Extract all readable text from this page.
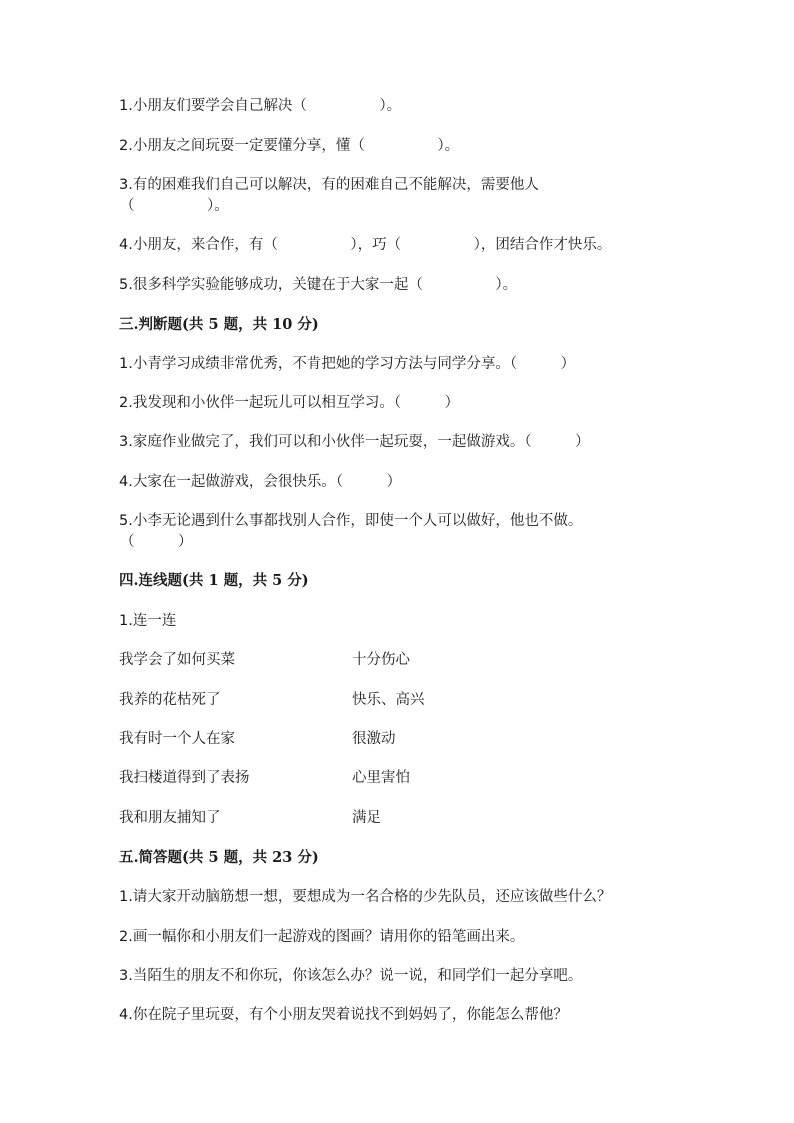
1.小朋友们要学会自己解决（　　　　　）。
2.小朋友之间玩耍一定要懂分享，懂（　　　　　）。
3.有的困难我们自己可以解决，有的困难自己不能解决，需要他人
（　　　　　）。
4.小朋友，来合作，有（　　　　　），巧（　　　　　），团结合作才快乐。
5.很多科学实验能够成功，关键在于大家一起（　　　　　）。
三.判断题(共 5 题，共 10 分)
1.小青学习成绩非常优秀，不肯把她的学习方法与同学分享。（　　　）
2.我发现和小伙伴一起玩儿可以相互学习。（　　　）
3.家庭作业做完了，我们可以和小伙伴一起玩耍，一起做游戏。（　　　）
4.大家在一起做游戏，会很快乐。（　　　）
5.小李无论遇到什么事都找别人合作，即使一个人可以做好，他也不做。
（　　　）
四.连线题(共 1 题，共 5 分)
1.连一连
我学会了如何买菜	十分伤心
我养的花枯死了	快乐、高兴
我有时一个人在家	很激动
我扫楼道得到了表扬	心里害怕
我和朋友捕知了	满足
五.简答题(共 5 题，共 23 分)
1.请大家开动脑筋想一想，要想成为一名合格的少先队员，还应该做些什么？
2.画一幅你和小朋友们一起游戏的图画？请用你的铅笔画出来。
3.当陌生的朋友不和你玩，你该怎么办？说一说，和同学们一起分享吧。
4.你在院子里玩耍，有个小朋友哭着说找不到妈妈了，你能怎么帮他？
